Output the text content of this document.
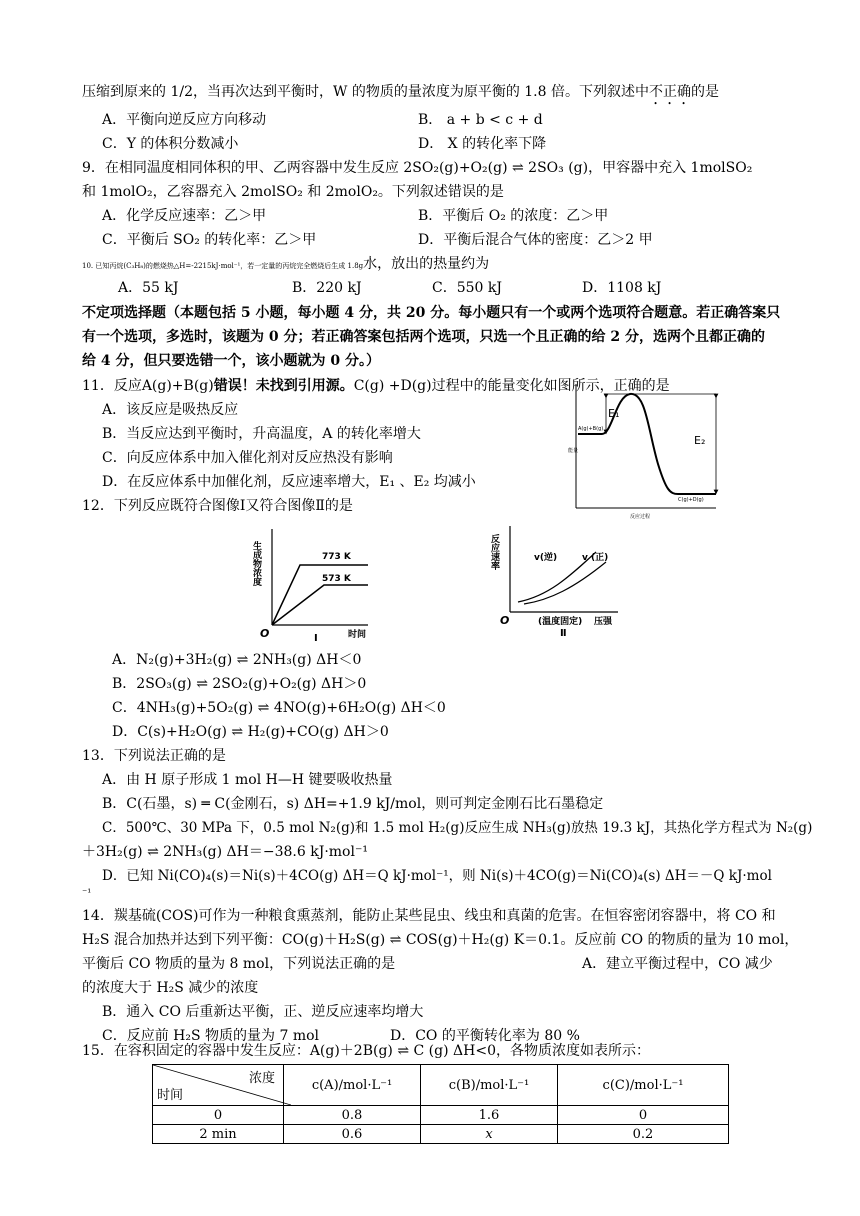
压缩到原来的 1/2，当再次达到平衡时，W 的物质的量浓度为原平衡的 1.8 倍。下列叙述中不正确的是
A．平衡向逆反应方向移动	B． a + b < c + d
C．Y 的体积分数减小	D． X 的转化率下降
9．在相同温度相同体积的甲、乙两容器中发生反应 2SO₂(g)+O₂(g) ⇌ 2SO₃ (g)，甲容器中充入 1molSO₂
和 1molO₂，乙容器充入 2molSO₂ 和 2molO₂。下列叙述错误的是
A．化学反应速率：乙＞甲	B．平衡后 O₂ 的浓度：乙＞甲
C．平衡后 SO₂ 的转化率：乙＞甲	D．平衡后混合气体的密度：乙＞2 甲
10. 已知丙烷(C₃H₈)的燃烧热△H=-2215kJ·mol⁻¹，若一定量的丙烷完全燃烧后生成 1.8g水，放出的热量约为
A．55 kJ	B．220 kJ	C．550 kJ	D．1108 kJ
不定项选择题（本题包括 5 小题，每小题 4 分，共 20 分。每小题只有一个或两个选项符合题意。若正确答案只
有一个选项，多选时，该题为 0 分；若正确答案包括两个选项，只选一个且正确的给 2 分，选两个且都正确的
给 4 分，但只要选错一个，该小题就为 0 分。）
11．反应A(g)+B(g)错误！未找到引用源。C(g) +D(g)过程中的能量变化如图所示，正确的是
A．该反应是吸热反应
B．当反应达到平衡时，升高温度，A 的转化率增大
C．向反应体系中加入催化剂对反应热没有影响
D．在反应体系中加催化剂，反应速率增大，E₁ 、E₂ 均减小
E₁
E₂
A(g)+B(g)
C(g)+D(g)
反应过程
能量
12．下列反应既符合图像Ⅰ又符合图像Ⅱ的是
生成物浓度	773 K
573 K
O	时间
Ⅰ
反应速率	v(逆)	v (正)
O	(温度固定) 压强
Ⅱ
A．N₂(g)+3H₂(g) ⇌ 2NH₃(g) ΔH＜0
B．2SO₃(g) ⇌ 2SO₂(g)+O₂(g) ΔH＞0
C．4NH₃(g)+5O₂(g) ⇌ 4NO(g)+6H₂O(g) ΔH＜0
D．C(s)+H₂O(g) ⇌ H₂(g)+CO(g) ΔH＞0
13．下列说法正确的是
A．由 H 原子形成 1 mol H—H 键要吸收热量
B．C(石墨，s) ═ C(金刚石，s) ΔH=+1.9 kJ/mol，则可判定金刚石比石墨稳定
C．500℃、30 MPa 下，0.5 mol N₂(g)和 1.5 mol H₂(g)反应生成 NH₃(g)放热 19.3 kJ，其热化学方程式为 N₂(g)
＋3H₂(g) ⇌ 2NH₃(g) ΔH＝−38.6 kJ·mol⁻¹
D．已知 Ni(CO)₄(s)＝Ni(s)＋4CO(g) ΔH＝Q kJ·mol⁻¹，则 Ni(s)＋4CO(g)＝Ni(CO)₄(s) ΔH＝－Q kJ·mol
⁻¹
14．羰基硫(COS)可作为一种粮食熏蒸剂，能防止某些昆虫、线虫和真菌的危害。在恒容密闭容器中，将 CO 和
H₂S 混合加热并达到下列平衡：CO(g)＋H₂S(g) ⇌ COS(g)＋H₂(g) K＝0.1。反应前 CO 的物质的量为 10 mol，
平衡后 CO 物质的量为 8 mol，下列说法正确的是	A．建立平衡过程中，CO 减少
的浓度大于 H₂S 减少的浓度
B．通入 CO 后重新达平衡，正、逆反应速率均增大
C．反应前 H₂S 物质的量为 7 mol	D．CO 的平衡转化率为 80 %
15．在容积固定的容器中发生反应：A(g)＋2B(g) ⇌ C (g) ΔH<0，各物质浓度如表所示：
浓度
时间	c(A)/mol·L⁻¹	c(B)/mol·L⁻¹	c(C)/mol·L⁻¹
0	0.8	1.6	0
2 min	0.6	x	0.2
